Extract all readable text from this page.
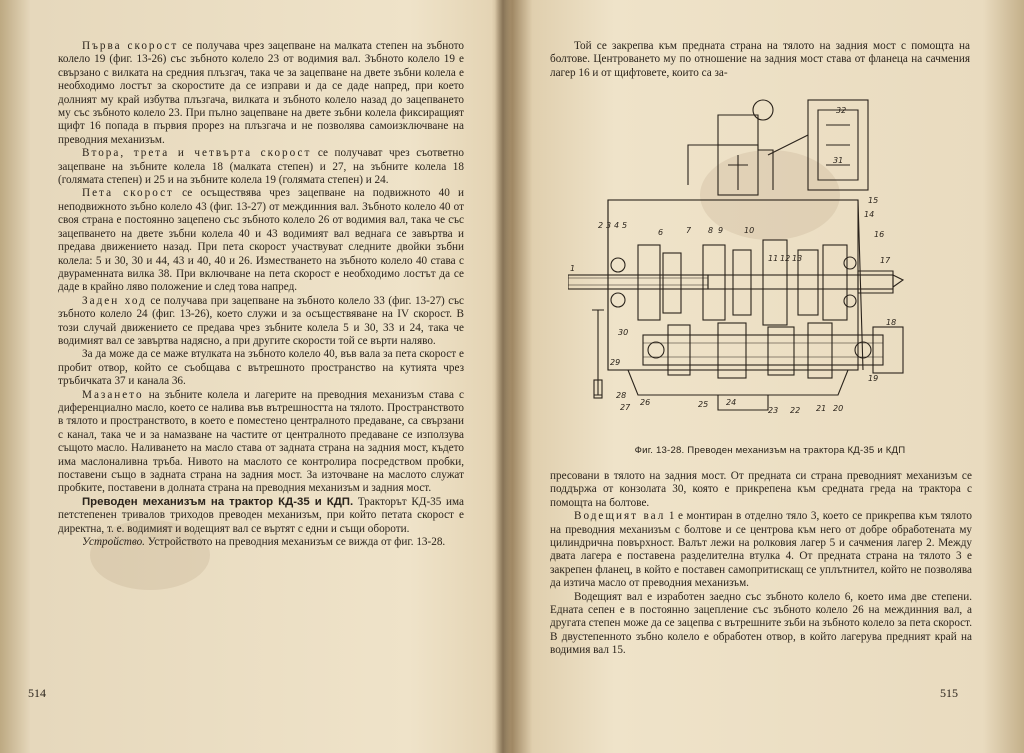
Първа скорост се получава чрез зацепване на малката степен на зъбното колело 19 (фиг. 13-26) със зъбното колело 23 от водимия вал. Зъбното колело 19 е свързано с вилката на средния плъзгач, така че за зацепване на двете зъбни колела е необходимо лостът за скоростите да се изправи и да се даде напред, при което долният му край избутва плъзгача, вилката и зъбното колело назад до зацепването му със зъбното колело 23. При пълно зацепване на двете зъбни колела фиксиращият щифт 16 попада в първия прорез на плъзгача и не позволява самоизключване на преводния механизъм.

Втора, трета и четвърта скорост се получават чрез съответно зацепване на зъбните колела 18 (малката степен) и 27, на зъбните колела 18 (голямата степен) и 25 и на зъбните колела 19 (голямата степен) и 24.

Пета скорост се осъществява чрез зацепване на подвижното 40 и неподвижното зъбно колело 43 (фиг. 13-27) от междинния вал. Зъбното колело 40 от своя страна е постоянно зацепено със зъбното колело 26 от водимия вал, така че със зацепването на двете зъбни колела 40 и 43 водимият вал веднага се завъртва и предава движението назад. При пета скорост участвуват следните двойки зъбни колела: 5 и 30, 30 и 44, 43 и 40, 40 и 26. Изместването на зъбното колело 40 става с двураменната вилка 38. При включване на пета скорост е необходимо лостът да се даде в крайно ляво положение и след това напред.

Заден ход се получава при зацепване на зъбното колело 33 (фиг. 13-27) със зъбното колело 24 (фиг. 13-26), което служи и за осъществяване на IV скорост. В този случай движението се предава чрез зъбните колела 5 и 30, 33 и 24, така че водимият вал се завъртва надясно, а при другите скорости той се върти наляво.

За да може да се маже втулката на зъбното колело 40, във вала за пета скорост е пробит отвор, който се съобщава с вътрешното пространство на кутията чрез тръбичката 37 и канала 36.

Мазането на зъбните колела и лагерите на преводния механизъм става с диференциално масло, което се налива във вътрешността на тялото. Пространството в тялото и пространството, в което е поместено централното предаване, са свързани с канал, така че и за намазване на частите от централното предаване се използува същото масло. Наливането на масло става от задната страна на задния мост, където има маслоналивна тръба. Нивото на маслото се контролира посредством пробки, поставени също в задната страна на задния мост. За източване на маслото служат пробките, поставени в долната страна на преводния механизъм и задния мост.

Преводен механизъм на трактор КД-35 и КДП. Тракторът КД-35 има петстепенен тривалов триходов преводен механизъм, при който петата скорост е директна, т. е. водимият и водещият вал се въртят с едни и същи обороти.

Устройство. Устройството на преводния механизъм се вижда от фиг. 13-28.

514

Той се закрепва към предната страна на тялото на задния мост с помощта на болтове. Центроването му по отношение на задния мост става от фланеца на сачмения лагер 16 и от щифтовете, които са за-

1
2 3 4 5
6	7 8 9	10
11 12 13
14
15
16
17
18
19
20
21
22
23
24
25
26
27
28
29
30
31
32
Фиг. 13-28. Преводен механизъм на трактора КД-35 и КДП

пресовани в тялото на задния мост. От предната си страна преводният механизъм се поддържа от конзолата 30, която е прикрепена към средната греда на трактора с помощта на болтове.

Водещият вал 1 е монтиран в отделно тяло 3, което се прикрепва към тялото на преводния механизъм с болтове и се центрова към него от добре обработената му цилиндрична повърхност. Валът лежи на ролковия лагер 5 и сачмения лагер 2. Между двата лагера е поставена разделителна втулка 4. От предната страна на тялото 3 е закрепен фланец, в който е поставен самопритискащ се уплътнител, който не позволява да изтича масло от преводния механизъм.

Водещият вал е изработен заедно със зъбното колело 6, което има две степени. Едната сепен е в постоянно зацепление със зъбното колело 26 на междинния вал, а другата степен може да се зацепва с вътрешните зъби на зъбното колело за пета скорост. В двустепенното зъбно колело е обработен отвор, в който лагерува предният край на водимия вал 15.

515
